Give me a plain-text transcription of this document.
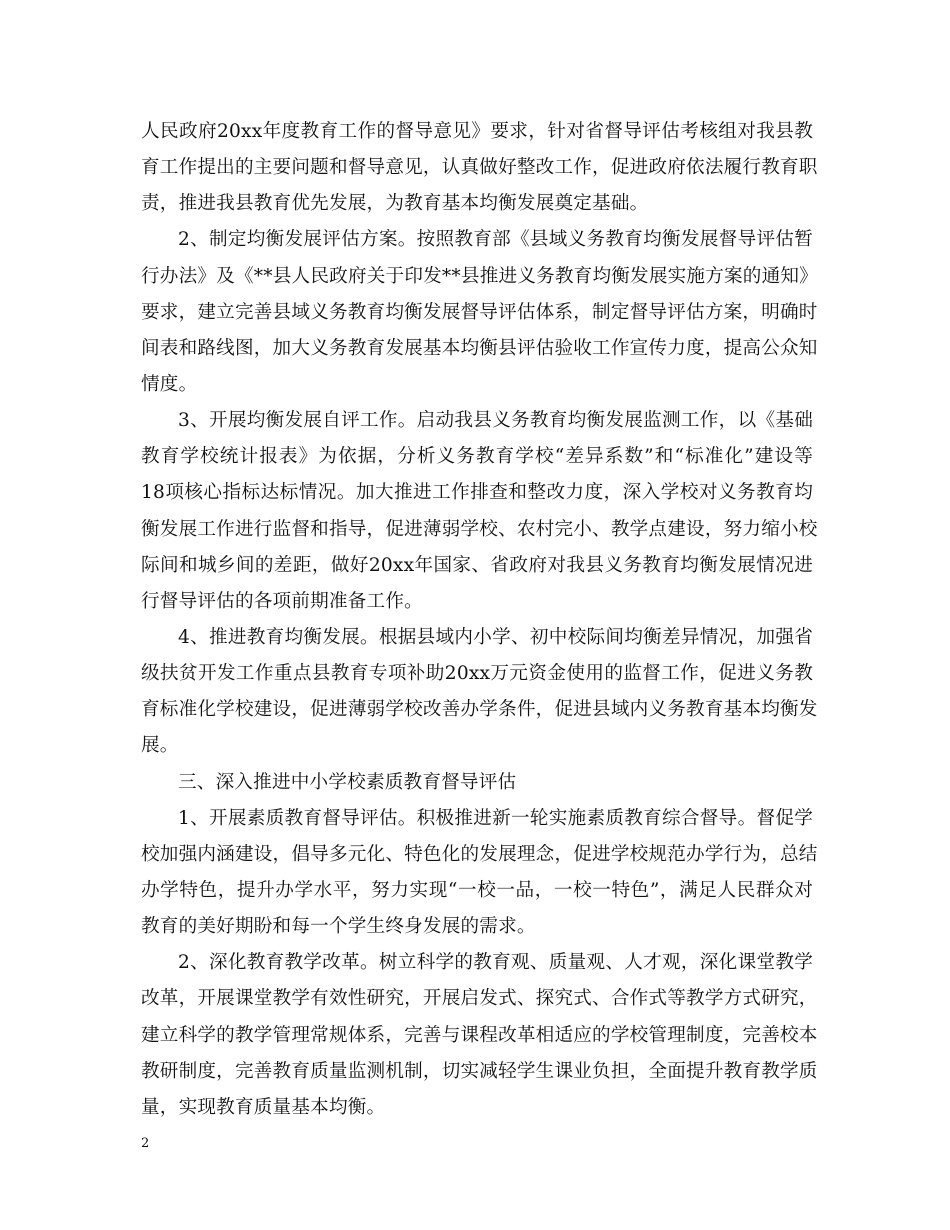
人民政府20xx年度教育工作的督导意见》要求，针对省督导评估考核组对我县教
育工作提出的主要问题和督导意见，认真做好整改工作，促进政府依法履行教育职
责，推进我县教育优先发展，为教育基本均衡发展奠定基础。
2、制定均衡发展评估方案。按照教育部《县域义务教育均衡发展督导评估暂
行办法》及《**县人民政府关于印发**县推进义务教育均衡发展实施方案的通知》
要求，建立完善县域义务教育均衡发展督导评估体系，制定督导评估方案，明确时
间表和路线图，加大义务教育发展基本均衡县评估验收工作宣传力度，提高公众知
情度。
3、开展均衡发展自评工作。启动我县义务教育均衡发展监测工作，以《基础
教育学校统计报表》为依据，分析义务教育学校“差异系数”和“标准化”建设等
18项核心指标达标情况。加大推进工作排查和整改力度，深入学校对义务教育均
衡发展工作进行监督和指导，促进薄弱学校、农村完小、教学点建设，努力缩小校
际间和城乡间的差距，做好20xx年国家、省政府对我县义务教育均衡发展情况进
行督导评估的各项前期准备工作。
4、推进教育均衡发展。根据县域内小学、初中校际间均衡差异情况，加强省
级扶贫开发工作重点县教育专项补助20xx万元资金使用的监督工作，促进义务教
育标准化学校建设，促进薄弱学校改善办学条件，促进县域内义务教育基本均衡发
展。
三、深入推进中小学校素质教育督导评估
1、开展素质教育督导评估。积极推进新一轮实施素质教育综合督导。督促学
校加强内涵建设，倡导多元化、特色化的发展理念，促进学校规范办学行为，总结
办学特色，提升办学水平，努力实现“一校一品，一校一特色”，满足人民群众对
教育的美好期盼和每一个学生终身发展的需求。
2、深化教育教学改革。树立科学的教育观、质量观、人才观，深化课堂教学
改革，开展课堂教学有效性研究，开展启发式、探究式、合作式等教学方式研究，
建立科学的教学管理常规体系，完善与课程改革相适应的学校管理制度，完善校本
教研制度，完善教育质量监测机制，切实减轻学生课业负担，全面提升教育教学质
量，实现教育质量基本均衡。
2
